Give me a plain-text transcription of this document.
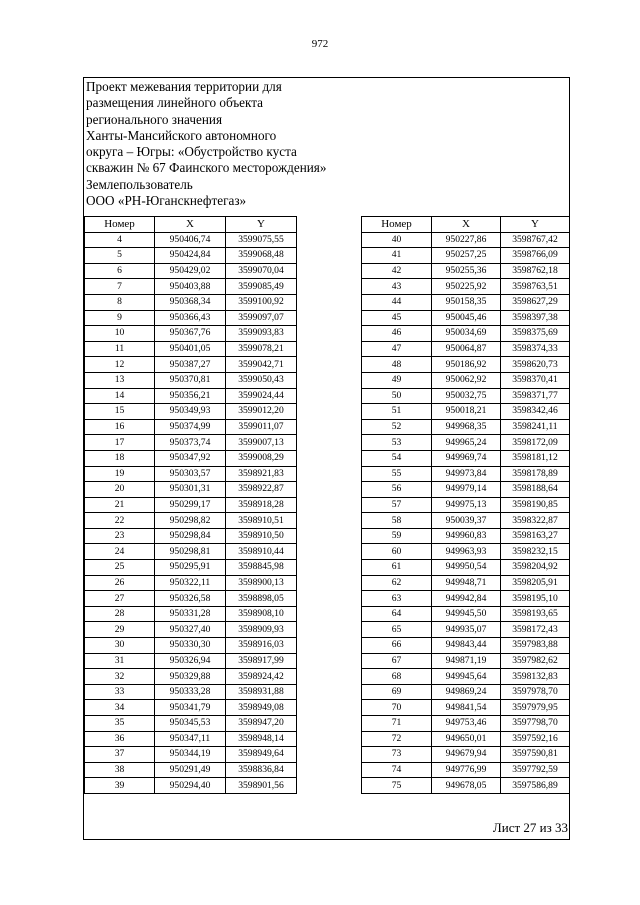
972
Проект межевания территории для
размещения линейного объекта
регионального значения
Ханты-Мансийского автономного
округа – Югры: «Обустройство куста
скважин № 67 Фаинского месторождения»
Землепользователь
ООО «РН-Юганскнефтегаз»
Номер	X	Y
4	950406,74	3599075,55
5	950424,84	3599068,48
6	950429,02	3599070,04
7	950403,88	3599085,49
8	950368,34	3599100,92
9	950366,43	3599097,07
10	950367,76	3599093,83
11	950401,05	3599078,21
12	950387,27	3599042,71
13	950370,81	3599050,43
14	950356,21	3599024,44
15	950349,93	3599012,20
16	950374,99	3599011,07
17	950373,74	3599007,13
18	950347,92	3599008,29
19	950303,57	3598921,83
20	950301,31	3598922,87
21	950299,17	3598918,28
22	950298,82	3598910,51
23	950298,84	3598910,50
24	950298,81	3598910,44
25	950295,91	3598845,98
26	950322,11	3598900,13
27	950326,58	3598898,05
28	950331,28	3598908,10
29	950327,40	3598909,93
30	950330,30	3598916,03
31	950326,94	3598917,99
32	950329,88	3598924,42
33	950333,28	3598931,88
34	950341,79	3598949,08
35	950345,53	3598947,20
36	950347,11	3598948,14
37	950344,19	3598949,64
38	950291,49	3598836,84
39	950294,40	3598901,56
Номер	X	Y
40	950227,86	3598767,42
41	950257,25	3598766,09
42	950255,36	3598762,18
43	950225,92	3598763,51
44	950158,35	3598627,29
45	950045,46	3598397,38
46	950034,69	3598375,69
47	950064,87	3598374,33
48	950186,92	3598620,73
49	950062,92	3598370,41
50	950032,75	3598371,77
51	950018,21	3598342,46
52	949968,35	3598241,11
53	949965,24	3598172,09
54	949969,74	3598181,12
55	949973,84	3598178,89
56	949979,14	3598188,64
57	949975,13	3598190,85
58	950039,37	3598322,87
59	949960,83	3598163,27
60	949963,93	3598232,15
61	949950,54	3598204,92
62	949948,71	3598205,91
63	949942,84	3598195,10
64	949945,50	3598193,65
65	949935,07	3598172,43
66	949843,44	3597983,88
67	949871,19	3597982,62
68	949945,64	3598132,83
69	949869,24	3597978,70
70	949841,54	3597979,95
71	949753,46	3597798,70
72	949650,01	3597592,16
73	949679,94	3597590,81
74	949776,99	3597792,59
75	949678,05	3597586,89
Лист 27 из 33
